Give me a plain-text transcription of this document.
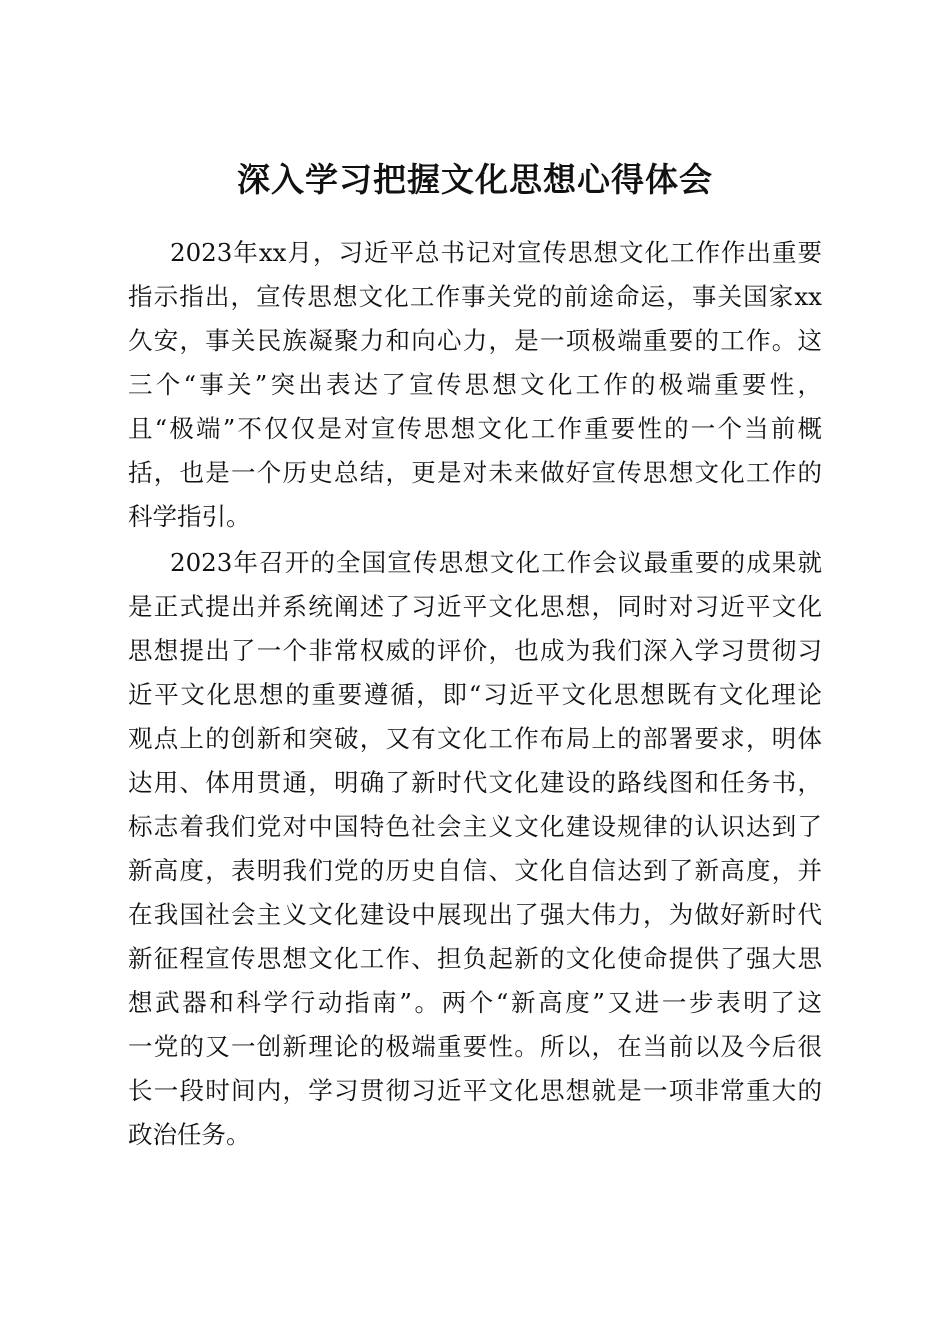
深入学习把握文化思想心得体会
2023年xx月，习近平总书记对宣传思想文化工作作出重要
指示指出，宣传思想文化工作事关党的前途命运，事关国家xx
久安，事关民族凝聚力和向心力，是一项极端重要的工作。这
三个“事关”突出表达了宣传思想文化工作的极端重要性，
且“极端”不仅仅是对宣传思想文化工作重要性的一个当前概
括，也是一个历史总结，更是对未来做好宣传思想文化工作的
科学指引。
2023年召开的全国宣传思想文化工作会议最重要的成果就
是正式提出并系统阐述了习近平文化思想，同时对习近平文化
思想提出了一个非常权威的评价，也成为我们深入学习贯彻习
近平文化思想的重要遵循，即“习近平文化思想既有文化理论
观点上的创新和突破，又有文化工作布局上的部署要求，明体
达用、体用贯通，明确了新时代文化建设的路线图和任务书，
标志着我们党对中国特色社会主义文化建设规律的认识达到了
新高度，表明我们党的历史自信、文化自信达到了新高度，并
在我国社会主义文化建设中展现出了强大伟力，为做好新时代
新征程宣传思想文化工作、担负起新的文化使命提供了强大思
想武器和科学行动指南”。两个“新高度”又进一步表明了这
一党的又一创新理论的极端重要性。所以，在当前以及今后很
长一段时间内，学习贯彻习近平文化思想就是一项非常重大的
政治任务。
